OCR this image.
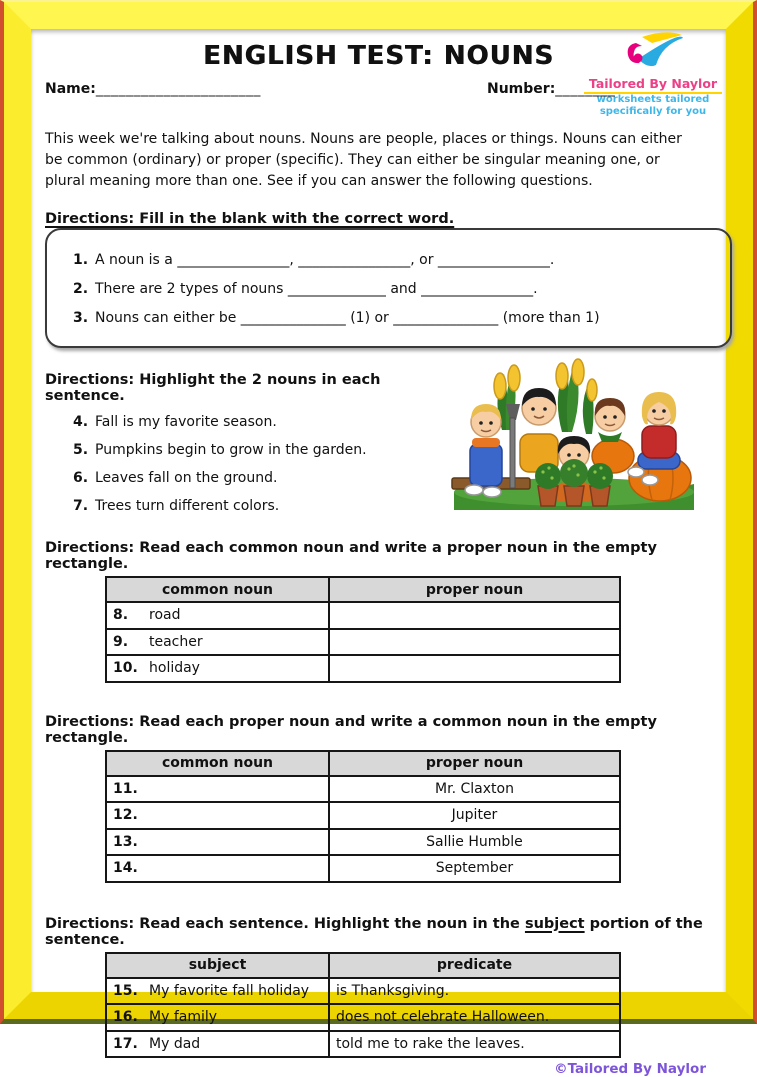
ENGLISH TEST: NOUNS
Tailored By Naylor
worksheets tailored
specifically for you
Name:______________________	Number:________

This week we're talking about nouns. Nouns are people, places or things. Nouns can either be common (ordinary) or proper (specific). They can either be singular meaning one, or plural meaning more than one. See if you can answer the following questions.

Directions: Fill in the blank with the correct word.
1. A noun is a ________________, ________________, or ________________.
2. There are 2 types of nouns ______________ and ________________.
3. Nouns can either be _______________ (1) or _______________ (more than 1)
Directions: Highlight the 2 nouns in each sentence.
4. Fall is my favorite season.
5. Pumpkins begin to grow in the garden.
6. Leaves fall on the ground.
7. Trees turn different colors.
Directions: Read each common noun and write a proper noun in the empty rectangle.
common noun	proper noun
8. road	
9. teacher	
10. holiday	
Directions: Read each proper noun and write a common noun in the empty rectangle.
common noun	proper noun
11.	Mr. Claxton
12.	Jupiter
13.	Sallie Humble
14.	September
Directions: Read each sentence. Highlight the noun in the subject portion of the sentence.
subject	predicate
15. My favorite fall holiday	is Thanksgiving.
16. My family	does not celebrate Halloween.
17. My dad	told me to rake the leaves.
©Tailored By Naylor
